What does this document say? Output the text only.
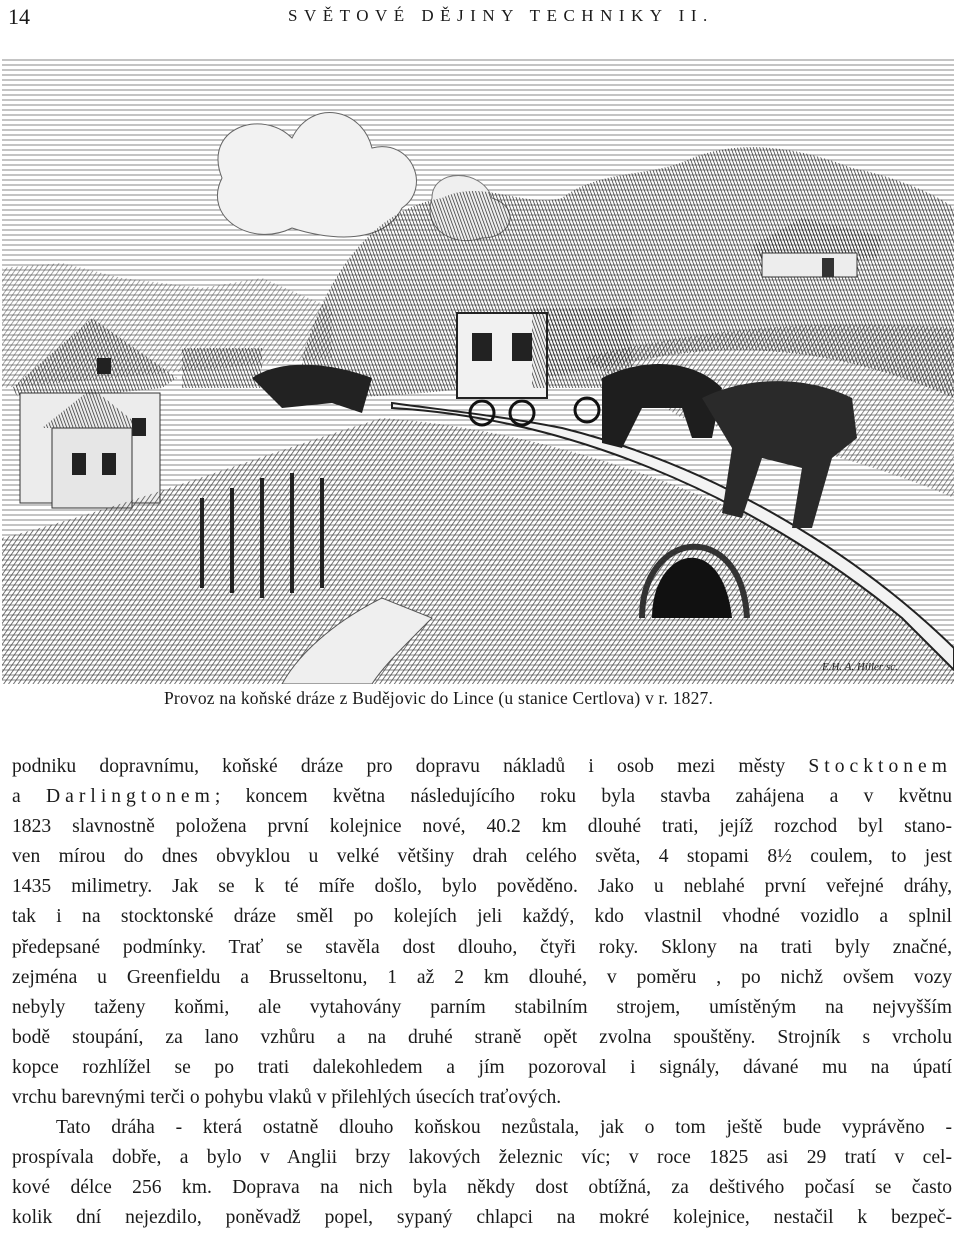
14	SVĚTOVÉ DĚJINY TECHNIKY II.
E.H. A. Hiller sc.
Provoz na koňské dráze z Budějovic do Lince (u stanice Certlova) v r. 1827.
podniku dopravnímu, koňské dráze pro dopravu nákladů i osob mezi městy Stocktonem
a Darlingtonem; koncem května následujícího roku byla stavba zahájena a v květnu
1823 slavnostně položena první kolejnice nové, 40.2 km dlouhé trati, jejíž rozchod byl stano-
ven mírou do dnes obvyklou u velké většiny drah celého světa, 4 stopami 8½ coulem, to jest
1435 milimetry. Jak se k té míře došlo, bylo pověděno. Jako u neblahé první veřejné dráhy,
tak i na stocktonské dráze směl po kolejích jeli každý, kdo vlastnil vhodné vozidlo a splnil
předepsané podmínky. Trať se stavěla dost dlouho, čtyři roky. Sklony na trati byly značné,
zejména u Greenfieldu a Brusseltonu, 1 až 2 km dlouhé, v poměru , po nichž ovšem vozy
nebyly taženy koňmi, ale vytahovány parním stabilním strojem, umístěným na nejvyšším
bodě stoupání, za lano vzhůru a na druhé straně opět zvolna spouštěny. Strojník s vrcholu
kopce rozhlížel se po trati dalekohledem a jím pozoroval i signály, dávané mu na úpatí
vrchu barevnými terči o pohybu vlaků v přilehlých úsecích traťových.
Tato dráha - která ostatně dlouho koňskou nezůstala, jak o tom ještě bude vyprávěno -
prospívala dobře, a bylo v Anglii brzy lakových železnic víc; v roce 1825 asi 29 tratí v cel-
kové délce 256 km. Doprava na nich byla někdy dost obtížná, za deštivého počasí se často
kolik dní nejezdilo, poněvadž popel, sypaný chlapci na mokré kolejnice, nestačil k bezpeč-
